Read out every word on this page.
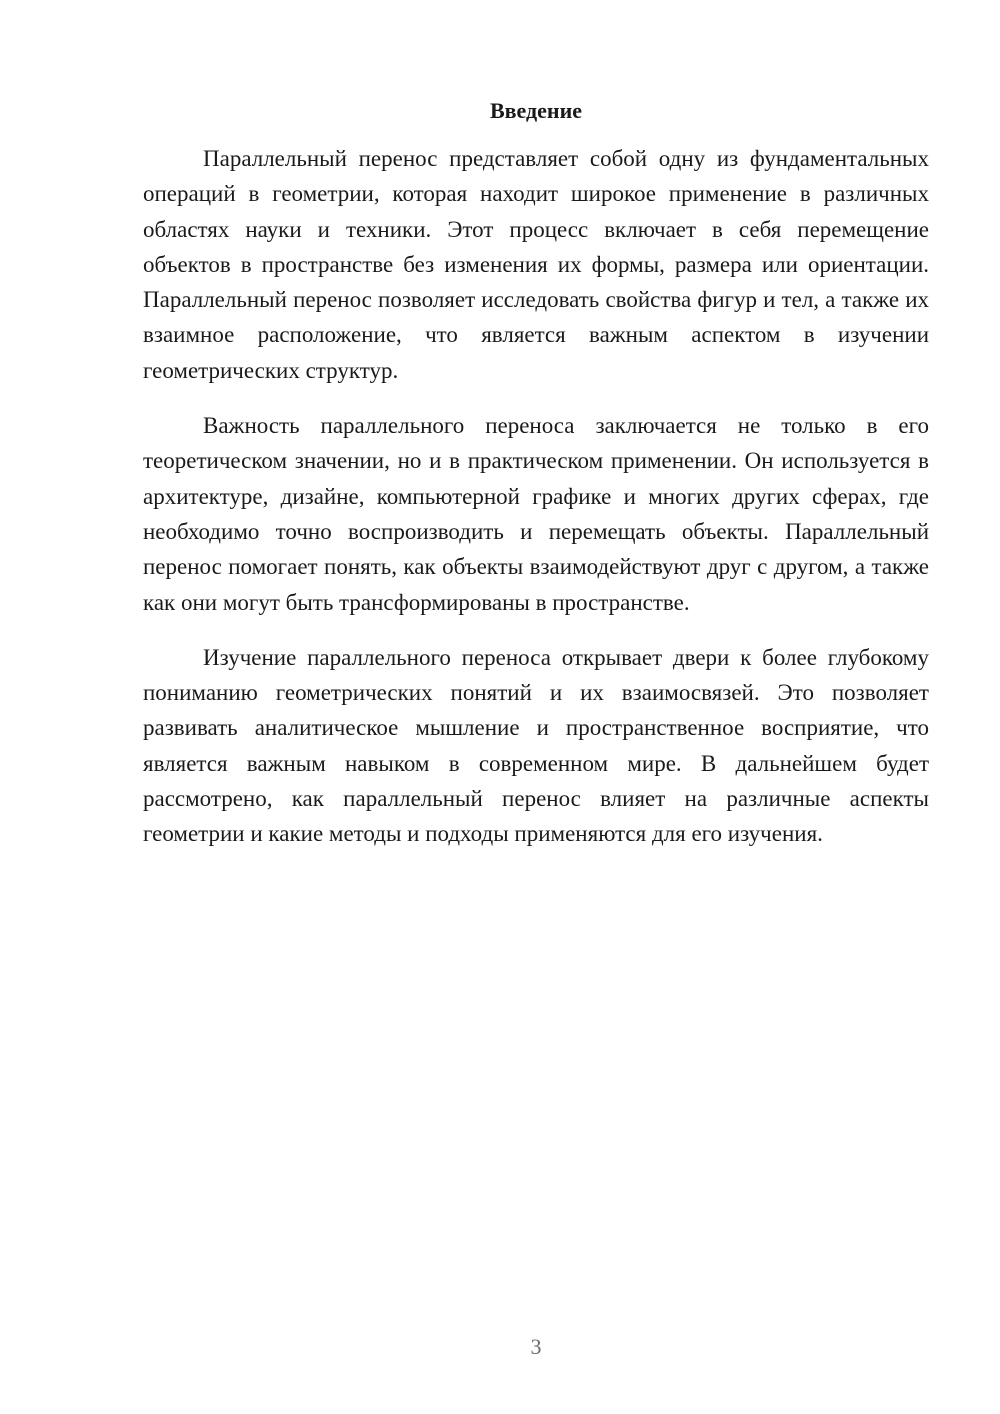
Введение

Параллельный перенос представляет собой одну из фундаментальных операций в геометрии, которая находит широкое применение в различных областях науки и техники. Этот процесс включает в себя перемещение объектов в пространстве без изменения их формы, размера или ориентации. Параллельный перенос позволяет исследовать свойства фигур и тел, а также их взаимное расположение, что является важным аспектом в изучении геометрических структур.

Важность параллельного переноса заключается не только в его теоретическом значении, но и в практическом применении. Он используется в архитектуре, дизайне, компьютерной графике и многих других сферах, где необходимо точно воспроизводить и перемещать объекты. Параллельный перенос помогает понять, как объекты взаимодействуют друг с другом, а также как они могут быть трансформированы в пространстве.

Изучение параллельного переноса открывает двери к более глубокому пониманию геометрических понятий и их взаимосвязей. Это позволяет развивать аналитическое мышление и пространственное восприятие, что является важным навыком в современном мире. В дальнейшем будет рассмотрено, как параллельный перенос влияет на различные аспекты геометрии и какие методы и подходы применяются для его изучения.

3
